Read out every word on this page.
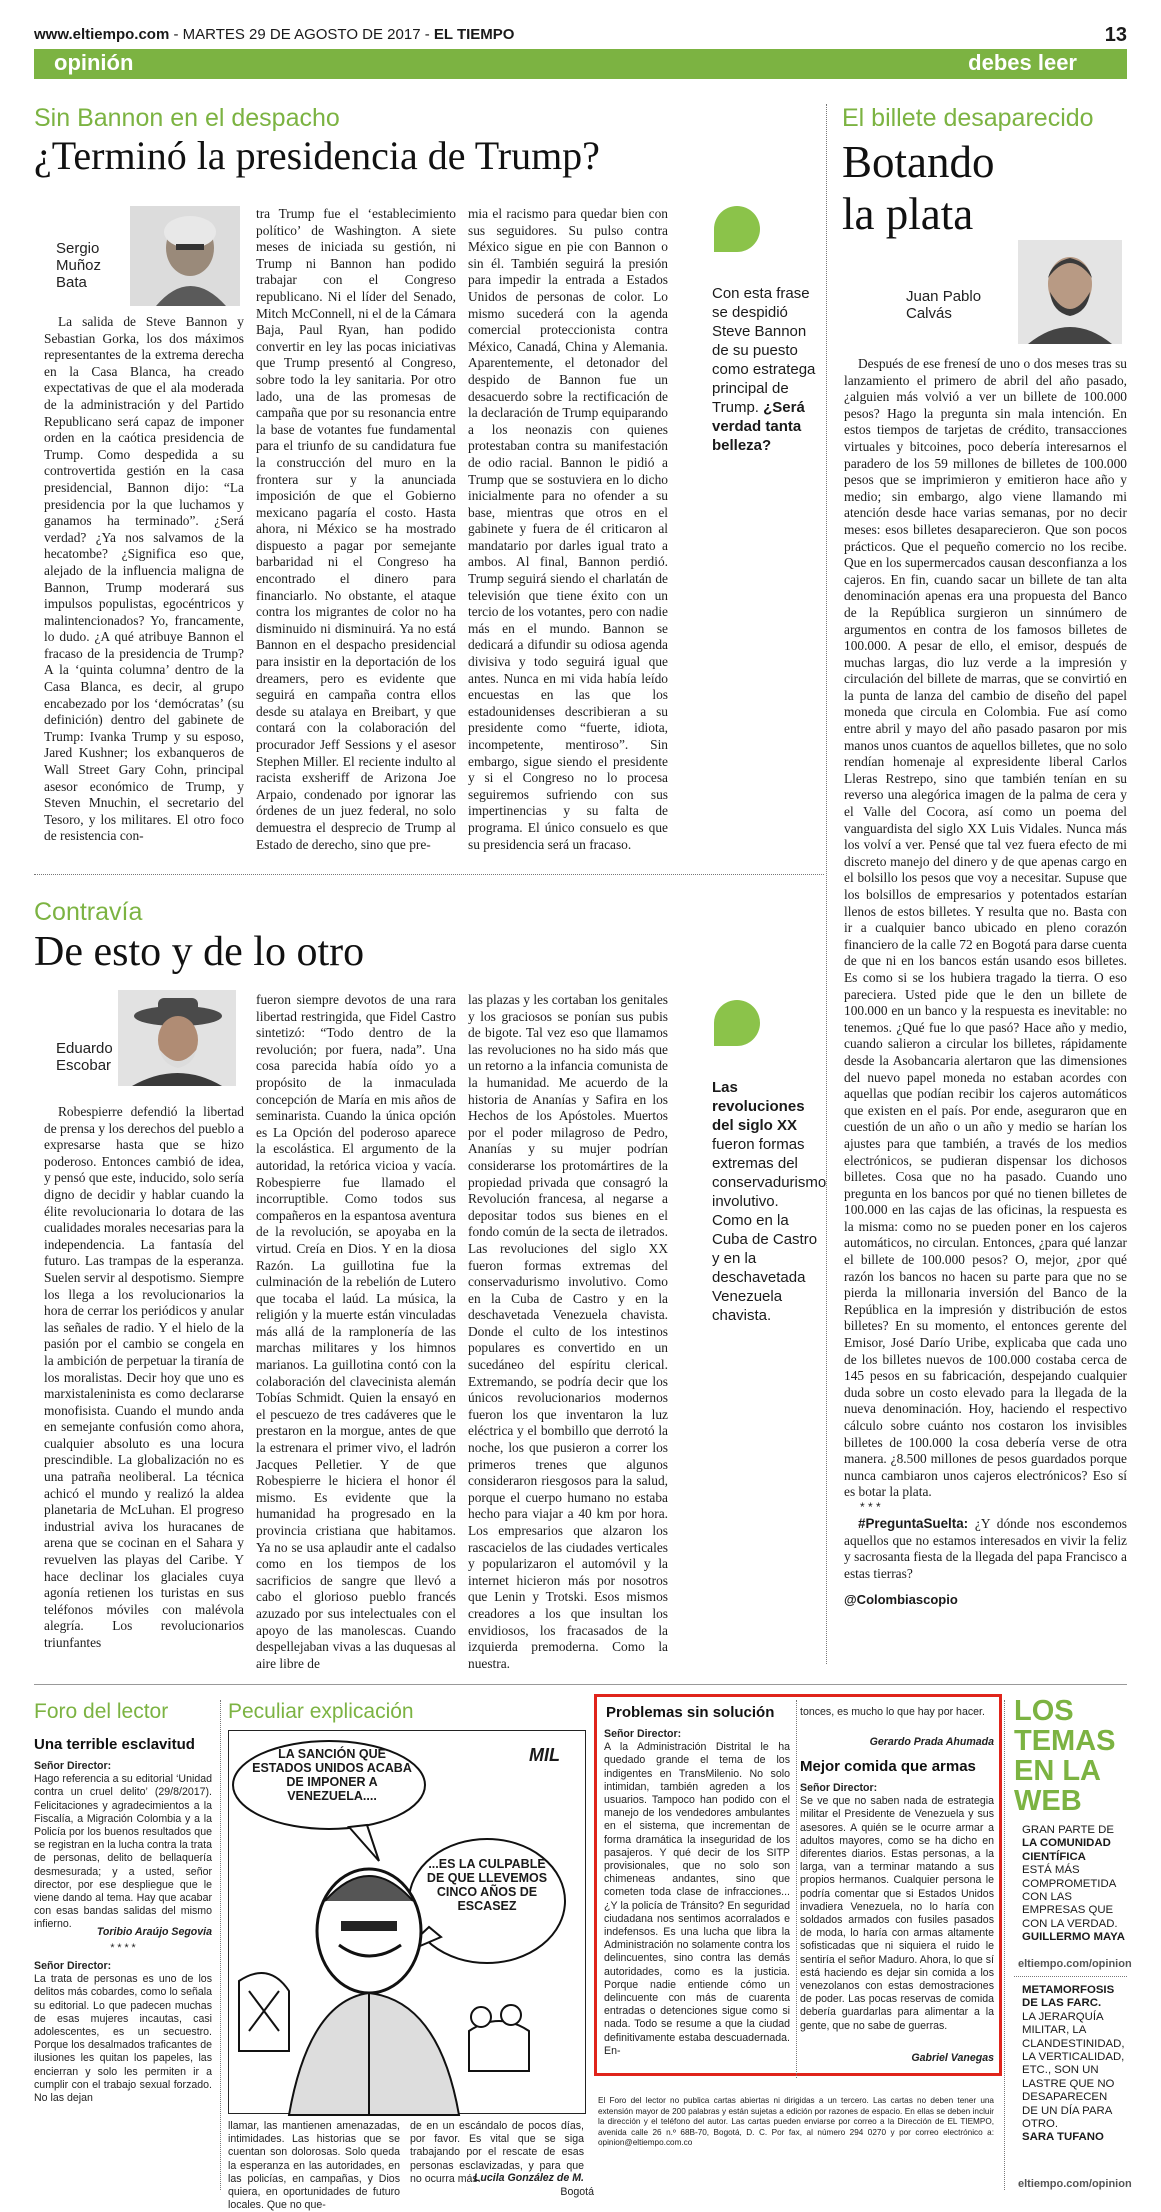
www.eltiempo.com - MARTES 29 DE AGOSTO DE 2017 - EL TIEMPO	13
opinión	debes leer
Sin Bannon en el despacho
¿Terminó la presidencia de Trump?
Sergio Muñoz Bata

La salida de Steve Bannon y Sebastian Gorka, los dos máximos representantes de la extrema derecha en la Casa Blanca, ha creado expectativas de que el ala moderada de la administración y del Partido Republicano será capaz de imponer orden en la caótica presidencia de Trump. Como despedida a su controvertida gestión en la casa presidencial, Bannon dijo: “La presidencia por la que luchamos y ganamos ha terminado”. ¿Será verdad? ¿Ya nos salvamos de la hecatombe? ¿Significa eso que, alejado de la influencia maligna de Bannon, Trump moderará sus impulsos populistas, egocéntricos y malintencionados? Yo, francamente, lo dudo. ¿A qué atribuye Bannon el fracaso de la presidencia de Trump? A la ‘quinta columna’ dentro de la Casa Blanca, es decir, al grupo encabezado por los ‘demócratas’ (su definición) dentro del gabinete de Trump: Ivanka Trump y su esposo, Jared Kushner; los exbanqueros de Wall Street Gary Cohn, principal asesor económico de Trump, y Steven Mnuchin, el secretario del Tesoro, y los militares. El otro foco de resistencia con-

tra Trump fue el ‘establecimiento político’ de Washington. A siete meses de iniciada su gestión, ni Trump ni Bannon han podido trabajar con el Congreso republicano. Ni el líder del Senado, Mitch McConnell, ni el de la Cámara Baja, Paul Ryan, han podido convertir en ley las pocas iniciativas que Trump presentó al Congreso, sobre todo la ley sanitaria. Por otro lado, una de las promesas de campaña que por su resonancia entre la base de votantes fue fundamental para el triunfo de su candidatura fue la construcción del muro en la frontera sur y la anunciada imposición de que el Gobierno mexicano pagaría el costo. Hasta ahora, ni México se ha mostrado dispuesto a pagar por semejante barbaridad ni el Congreso ha encontrado el dinero para financiarlo. No obstante, el ataque contra los migrantes de color no ha disminuido ni disminuirá. Ya no está Bannon en el despacho presidencial para insistir en la deportación de los dreamers, pero es evidente que seguirá en campaña contra ellos desde su atalaya en Breibart, y que contará con la colaboración del procurador Jeff Sessions y el asesor Stephen Miller. El reciente indulto al racista exsheriff de Arizona Joe Arpaio, condenado por ignorar las órdenes de un juez federal, no solo demuestra el desprecio de Trump al Estado de derecho, sino que pre-

mia el racismo para quedar bien con sus seguidores. Su pulso contra México sigue en pie con Bannon o sin él. También seguirá la presión para impedir la entrada a Estados Unidos de personas de color. Lo mismo sucederá con la agenda comercial proteccionista contra México, Canadá, China y Alemania. Aparentemente, el detonador del despido de Bannon fue un desacuerdo sobre la rectificación de la declaración de Trump equiparando a los neonazis con quienes protestaban contra su manifestación de odio racial. Bannon le pidió a Trump que se sostuviera en lo dicho inicialmente para no ofender a su base, mientras que otros en el gabinete y fuera de él criticaron al mandatario por darles igual trato a ambos. Al final, Bannon perdió. Trump seguirá siendo el charlatán de televisión que tiene éxito con un tercio de los votantes, pero con nadie más en el mundo. Bannon se dedicará a difundir su odiosa agenda divisiva y todo seguirá igual que antes. Nunca en mi vida había leído encuestas en las que los estadounidenses describieran a su presidente como “fuerte, idiota, incompetente, mentiroso”. Sin embargo, sigue siendo el presidente y si el Congreso no lo procesa seguiremos sufriendo con sus impertinencias y su falta de programa. El único consuelo es que su presidencia será un fracaso.

Con esta frase se despidió Steve Bannon de su puesto como estratega principal de Trump. ¿Será verdad tanta belleza?
El billete desaparecido
Botando
la plata
Juan Pablo Calvás

Después de ese frenesí de uno o dos meses tras su lanzamiento el primero de abril del año pasado, ¿alguien más volvió a ver un billete de 100.000 pesos? Hago la pregunta sin mala intención. En estos tiempos de tarjetas de crédito, transacciones virtuales y bitcoines, poco debería interesarnos el paradero de los 59 millones de billetes de 100.000 pesos que se imprimieron y emitieron hace año y medio; sin embargo, algo viene llamando mi atención desde hace varias semanas, por no decir meses: esos billetes desaparecieron. Que son pocos prácticos. Que el pequeño comercio no los recibe. Que en los supermercados causan desconfianza a los cajeros. En fin, cuando sacar un billete de tan alta denominación apenas era una propuesta del Banco de la República surgieron un sinnúmero de argumentos en contra de los famosos billetes de 100.000. A pesar de ello, el emisor, después de muchas largas, dio luz verde a la impresión y circulación del billete de marras, que se convirtió en la punta de lanza del cambio de diseño del papel moneda que circula en Colombia. Fue así como entre abril y mayo del año pasado pasaron por mis manos unos cuantos de aquellos billetes, que no solo rendían homenaje al expresidente liberal Carlos Lleras Restrepo, sino que también tenían en su reverso una alegórica imagen de la palma de cera y el Valle del Cocora, así como un poema del vanguardista del siglo XX Luis Vidales. Nunca más los volví a ver. Pensé que tal vez fuera efecto de mi discreto manejo del dinero y de que apenas cargo en el bolsillo los pesos que voy a necesitar. Supuse que los bolsillos de empresarios y potentados estarían llenos de estos billetes. Y resulta que no. Basta con ir a cualquier banco ubicado en pleno corazón financiero de la calle 72 en Bogotá para darse cuenta de que ni en los bancos están usando esos billetes. Es como si se los hubiera tragado la tierra. O eso pareciera. Usted pide que le den un billete de 100.000 en un banco y la respuesta es inevitable: no tenemos. ¿Qué fue lo que pasó? Hace año y medio, cuando salieron a circular los billetes, rápidamente desde la Asobancaria alertaron que las dimensiones del nuevo papel moneda no estaban acordes con aquellas que podían recibir los cajeros automáticos que existen en el país. Por ende, aseguraron que en cuestión de un año o un año y medio se harían los ajustes para que también, a través de los medios electrónicos, se pudieran dispensar los dichosos billetes. Cosa que no ha pasado. Cuando uno pregunta en los bancos por qué no tienen billetes de 100.000 en las cajas de las oficinas, la respuesta es la misma: como no se pueden poner en los cajeros automáticos, no circulan. Entonces, ¿para qué lanzar el billete de 100.000 pesos? O, mejor, ¿por qué razón los bancos no hacen su parte para que no se pierda la millonaria inversión del Banco de la República en la impresión y distribución de estos billetes? En su momento, el entonces gerente del Emisor, José Darío Uribe, explicaba que cada uno de los billetes nuevos de 100.000 costaba cerca de 145 pesos en su fabricación, despejando cualquier duda sobre un costo elevado para la llegada de la nueva denominación. Hoy, haciendo el respectivo cálculo sobre cuánto nos costaron los invisibles billetes de 100.000 la cosa debería verse de otra manera. ¿8.500 millones de pesos guardados porque nunca cambiaron unos cajeros electrónicos? Eso sí es botar la plata.

* * *

#PreguntaSuelta: ¿Y dónde nos escondemos aquellos que no estamos interesados en vivir la feliz y sacrosanta fiesta de la llegada del papa Francisco a estas tierras?

@Colombiascopio
Contravía
De esto y de lo otro
Eduardo Escobar

Robespierre defendió la libertad de prensa y los derechos del pueblo a expresarse hasta que se hizo poderoso. Entonces cambió de idea, y pensó que este, inducido, solo sería digno de decidir y hablar cuando la élite revolucionaria lo dotara de las cualidades morales necesarias para la independencia. La fantasía del futuro. Las trampas de la esperanza. Suelen servir al despotismo. Siempre los llega a los revolucionarios la hora de cerrar los periódicos y anular las señales de radio. Y el hielo de la pasión por el cambio se congela en la ambición de perpetuar la tiranía de los moralistas. Decir hoy que uno es marxistaleninista es como declararse monofisista. Cuando el mundo anda en semejante confusión como ahora, cualquier absoluto es una locura prescindible. La globalización no es una patraña neoliberal. La técnica achicó el mundo y realizó la aldea planetaria de McLuhan. El progreso industrial aviva los huracanes de arena que se cocinan en el Sahara y revuelven las playas del Caribe. Y hace declinar los glaciales cuya agonía retienen los turistas en sus teléfonos móviles con malévola alegría. Los revolucionarios triunfantes

fueron siempre devotos de una rara libertad restringida, que Fidel Castro sintetizó: “Todo dentro de la revolución; por fuera, nada”. Una cosa parecida había oído yo a propósito de la inmaculada concepción de María en mis años de seminarista. Cuando la única opción es La Opción del poderoso aparece la escolástica. El argumento de la autoridad, la retórica vicioa y vacía. Robespierre fue llamado el incorruptible. Como todos sus compañeros en la espantosa aventura de la revolución, se apoyaba en la virtud. Creía en Dios. Y en la diosa Razón. La guillotina fue la culminación de la rebelión de Lutero que tocaba el laúd. La música, la religión y la muerte están vinculadas más allá de la ramplonería de las marchas militares y los himnos marianos. La guillotina contó con la colaboración del clavecinista alemán Tobías Schmidt. Quien la ensayó en el pescuezo de tres cadáveres que le prestaron en la morgue, antes de que la estrenara el primer vivo, el ladrón Jacques Pelletier. Y de que Robespierre le hiciera el honor él mismo. Es evidente que la humanidad ha progresado en la provincia cristiana que habitamos. Ya no se usa aplaudir ante el cadalso como en los tiempos de los sacrificios de sangre que llevó a cabo el glorioso pueblo francés azuzado por sus intelectuales con el apoyo de las manolescas. Cuando despellejaban vivas a las duquesas al aire libre de

las plazas y les cortaban los genitales y los graciosos se ponían sus pubis de bigote. Tal vez eso que llamamos las revoluciones no ha sido más que un retorno a la infancia comunista de la humanidad. Me acuerdo de la historia de Ananías y Safira en los Hechos de los Apóstoles. Muertos por el poder milagroso de Pedro, Ananías y su mujer podrían considerarse los protomártires de la propiedad privada que consagró la Revolución francesa, al negarse a depositar todos sus bienes en el fondo común de la secta de iletrados. Las revoluciones del siglo XX fueron formas extremas del conservadurismo involutivo. Como en la Cuba de Castro y en la deschavetada Venezuela chavista. Donde el culto de los intestinos populares es convertido en un sucedáneo del espíritu clerical. Extremando, se podría decir que los únicos revolucionarios modernos fueron los que inventaron la luz eléctrica y el bombillo que derrotó la noche, los que pusieron a correr los primeros trenes que algunos consideraron riesgosos para la salud, porque el cuerpo humano no estaba hecho para viajar a 40 km por hora. Los empresarios que alzaron los rascacielos de las ciudades verticales y popularizaron el automóvil y la internet hicieron más por nosotros que Lenin y Trotski. Esos mismos creadores a los que insultan los envidiosos, los fracasados de la izquierda premoderna. Como la nuestra.

Las revoluciones del siglo XX fueron formas extremas del conservadurismo involutivo. Como en la Cuba de Castro y en la deschavetada Venezuela chavista.
Foro del lector
Una terrible esclavitud
Señor Director:

Hago referencia a su editorial ‘Unidad contra un cruel delito’ (29/8/2017). Felicitaciones y agradecimientos a la Fiscalía, a Migración Colombia y a la Policía por los buenos resultados que se registran en la lucha contra la trata de personas, delito de bellaquería desmesurada; y a usted, señor director, por ese despliegue que le viene dando al tema. Hay que acabar con esas bandas salidas del mismo infierno.

Toribio Araújo Segovia
* * * *
Señor Director:

La trata de personas es uno de los delitos más cobardes, como lo señala su editorial. Lo que padecen muchas de esas mujeres incautas, casi adolescentes, es un secuestro. Porque los desalmados traficantes de ilusiones les quitan los papeles, las encierran y solo les permiten ir a cumplir con el trabajo sexual forzado. No las dejan

Peculiar explicación
LA SANCIÓN QUE ESTADOS UNIDOS ACABA DE IMPONER A VENEZUELA....
...ES LA CULPABLE DE QUE LLEVEMOS CINCO AÑOS DE ESCASEZ
MIL
llamar, las mantienen amenazadas, intimidades. Las historias que se cuentan son dolorosas. Solo queda la esperanza en las autoridades, en las policías, en campañas, y Dios quiera, en oportunidades de futuro locales. Que no que-
de en un escándalo de pocos días, por favor. Es vital que se siga trabajando por el rescate de esas personas esclavizadas, y para que no ocurra más.
Lucila González de M.
Bogotá
Problemas sin solución
Señor Director:

A la Administración Distrital le ha quedado grande el tema de los indigentes en TransMilenio. No solo intimidan, también agreden a los usuarios. Tampoco han podido con el manejo de los vendedores ambulantes en el sistema, que incrementan de forma dramática la inseguridad de los pasajeros. Y qué decir de los SITP provisionales, que no solo son chimeneas andantes, sino que cometen toda clase de infracciones... ¿Y la policía de Tránsito? En seguridad ciudadana nos sentimos acorralados e indefensos. Es una lucha que libra la Administración no solamente contra los delincuentes, sino contra las demás autoridades, como es la justicia. Porque nadie entiende cómo un delincuente con más de cuarenta entradas o detenciones sigue como si nada. Todo se resume a que la ciudad definitivamente estaba descuadernada. En-

tonces, es mucho lo que hay por hacer.
Gerardo Prada Ahumada
Mejor comida que armas
Señor Director:

Se ve que no saben nada de estrategia militar el Presidente de Venezuela y sus asesores. A quién se le ocurre armar a adultos mayores, como se ha dicho en diferentes diarios. Estas personas, a la larga, van a terminar matando a sus propios hermanos. Cualquier persona le podría comentar que si Estados Unidos invadiera Venezuela, no lo haría con soldados armados con fusiles pasados de moda, lo haría con armas altamente sofisticadas que ni siquiera el ruido le sentiría el señor Maduro. Ahora, lo que sí está haciendo es dejar sin comida a los venezolanos con estas demostraciones de poder. Las pocas reservas de comida debería guardarlas para alimentar a la gente, que no sabe de guerras.

Gabriel Vanegas
El Foro del lector no publica cartas abiertas ni dirigidas a un tercero. Las cartas no deben tener una extensión mayor de 200 palabras y están sujetas a edición por razones de espacio. En ellas se deben incluir la dirección y el teléfono del autor. Las cartas pueden enviarse por correo a la Dirección de EL TIEMPO, avenida calle 26 n.º 68B-70, Bogotá, D. C. Por fax, al número 294 0270 y por correo electrónico a: opinion@eltiempo.com.co
LOS
TEMAS
EN LA
WEB
GRAN PARTE DE
LA COMUNIDAD CIENTÍFICA
ESTÁ MÁS COMPROMETIDA CON LAS EMPRESAS QUE CON LA VERDAD.
GUILLERMO MAYA
eltiempo.com/opinion
METAMORFOSIS DE LAS FARC.
LA JERARQUÍA MILITAR, LA CLANDESTINIDAD, LA VERTICALIDAD, ETC., SON UN LASTRE QUE NO DESAPARECEN DE UN DÍA PARA OTRO.
SARA TUFANO
eltiempo.com/opinion
